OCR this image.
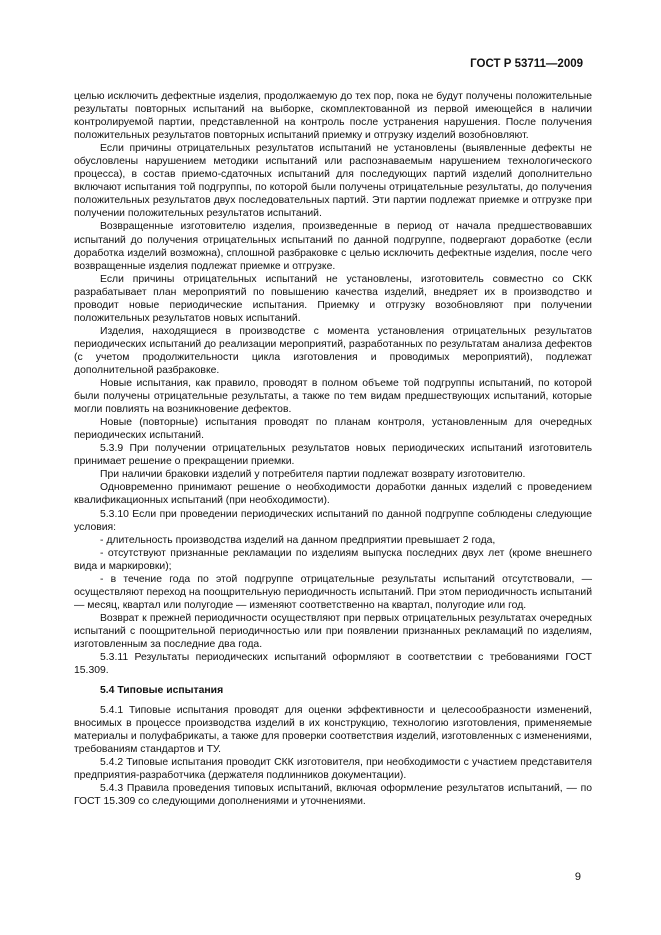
ГОСТ Р 53711—2009

целью исключить дефектные изделия, продолжаемую до тех пор, пока не будут получены положительные результаты повторных испытаний на выборке, скомплектованной из первой имеющейся в наличии контролируемой партии, представленной на контроль после устранения нарушения. После получения положительных результатов повторных испытаний приемку и отгрузку изделий возобновляют.

Если причины отрицательных результатов испытаний не установлены (выявленные дефекты не обусловлены нарушением методики испытаний или распознаваемым нарушением технологического процесса), в состав приемо-сдаточных испытаний для последующих партий изделий дополнительно включают испытания той подгруппы, по которой были получены отрицательные результаты, до получения положительных результатов двух последовательных партий. Эти партии подлежат приемке и отгрузке при получении положительных результатов испытаний.

Возвращенные изготовителю изделия, произведенные в период от начала предшествовавших испытаний до получения отрицательных испытаний по данной подгруппе, подвергают доработке (если доработка изделий возможна), сплошной разбраковке с целью исключить дефектные изделия, после чего возвращенные изделия подлежат приемке и отгрузке.

Если причины отрицательных испытаний не установлены, изготовитель совместно со СКК разрабатывает план мероприятий по повышению качества изделий, внедряет их в производство и проводит новые периодические испытания. Приемку и отгрузку возобновляют при получении положительных результатов новых испытаний.

Изделия, находящиеся в производстве с момента установления отрицательных результатов периодических испытаний до реализации мероприятий, разработанных по результатам анализа дефектов (с учетом продолжительности цикла изготовления и проводимых мероприятий), подлежат дополнительной разбраковке.

Новые испытания, как правило, проводят в полном объеме той подгруппы испытаний, по которой были получены отрицательные результаты, а также по тем видам предшествующих испытаний, которые могли повлиять на возникновение дефектов.

Новые (повторные) испытания проводят по планам контроля, установленным для очередных периодических испытаний.

5.3.9 При получении отрицательных результатов новых периодических испытаний изготовитель принимает решение о прекращении приемки.

При наличии браковки изделий у потребителя партии подлежат возврату изготовителю.

Одновременно принимают решение о необходимости доработки данных изделий с проведением квалификационных испытаний (при необходимости).

5.3.10 Если при проведении периодических испытаний по данной подгруппе соблюдены следующие условия:

- длительность производства изделий на данном предприятии превышает 2 года,

- отсутствуют признанные рекламации по изделиям выпуска последних двух лет (кроме внешнего вида и маркировки);

- в течение года по этой подгруппе отрицательные результаты испытаний отсутствовали, — осуществляют переход на поощрительную периодичность испытаний. При этом периодичность испытаний — месяц, квартал или полугодие — изменяют соответственно на квартал, полугодие или год.

Возврат к прежней периодичности осуществляют при первых отрицательных результатах очередных испытаний с поощрительной периодичностью или при появлении признанных рекламаций по изделиям, изготовленным за последние два года.

5.3.11 Результаты периодических испытаний оформляют в соответствии с требованиями ГОСТ 15.309.

5.4 Типовые испытания

5.4.1 Типовые испытания проводят для оценки эффективности и целесообразности изменений, вносимых в процессе производства изделий в их конструкцию, технологию изготовления, применяемые материалы и полуфабрикаты, а также для проверки соответствия изделий, изготовленных с изменениями, требованиям стандартов и ТУ.

5.4.2 Типовые испытания проводит СКК изготовителя, при необходимости с участием представителя предприятия-разработчика (держателя подлинников документации).

5.4.3 Правила проведения типовых испытаний, включая оформление результатов испытаний, — по ГОСТ 15.309 со следующими дополнениями и уточнениями.

9
